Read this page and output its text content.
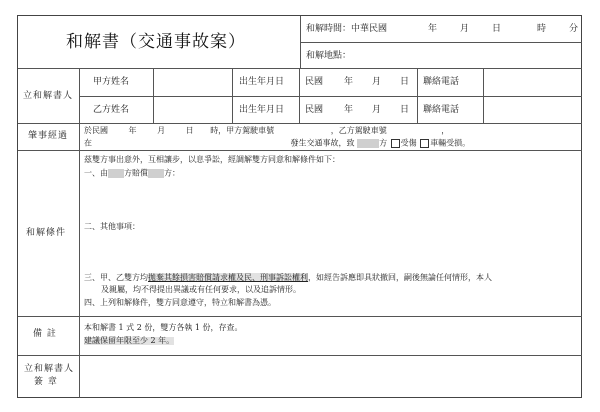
和解書（交通事故案）
和解時間：中華民國	年	月	日	時	分
和解地點：
立和解書人
甲方姓名	出生年月日 民國 年 月 日 聯絡電話
乙方姓名	出生年月日 民國 年 月 日 聯絡電話
肇事經過
於民國	年	月	日 時，甲方駕駛車號	，乙方駕駛車號	，
在	發生交通事故，致	方 受傷 車輛受損。
和解條件
茲雙方事出意外，互相讓步，以息爭訟，經調解雙方同意和解條件如下：
一、由 方賠償 方：
二、其他事項：
三、甲、乙雙方均拋棄其餘損害賠償請求權及民、刑事訴訟權利，如經告訴應即具狀撤回，嗣後無論任何情形，本人
及親屬，均不得提出異議或有任何要求，以及追訴情形。
四、上列和解條件，雙方同意遵守，特立和解書為憑。
備 註
本和解書 1 式 2 份，雙方各執 1 份，存查。
建議保留年限至少 2 年。
立和解書人
簽 章
